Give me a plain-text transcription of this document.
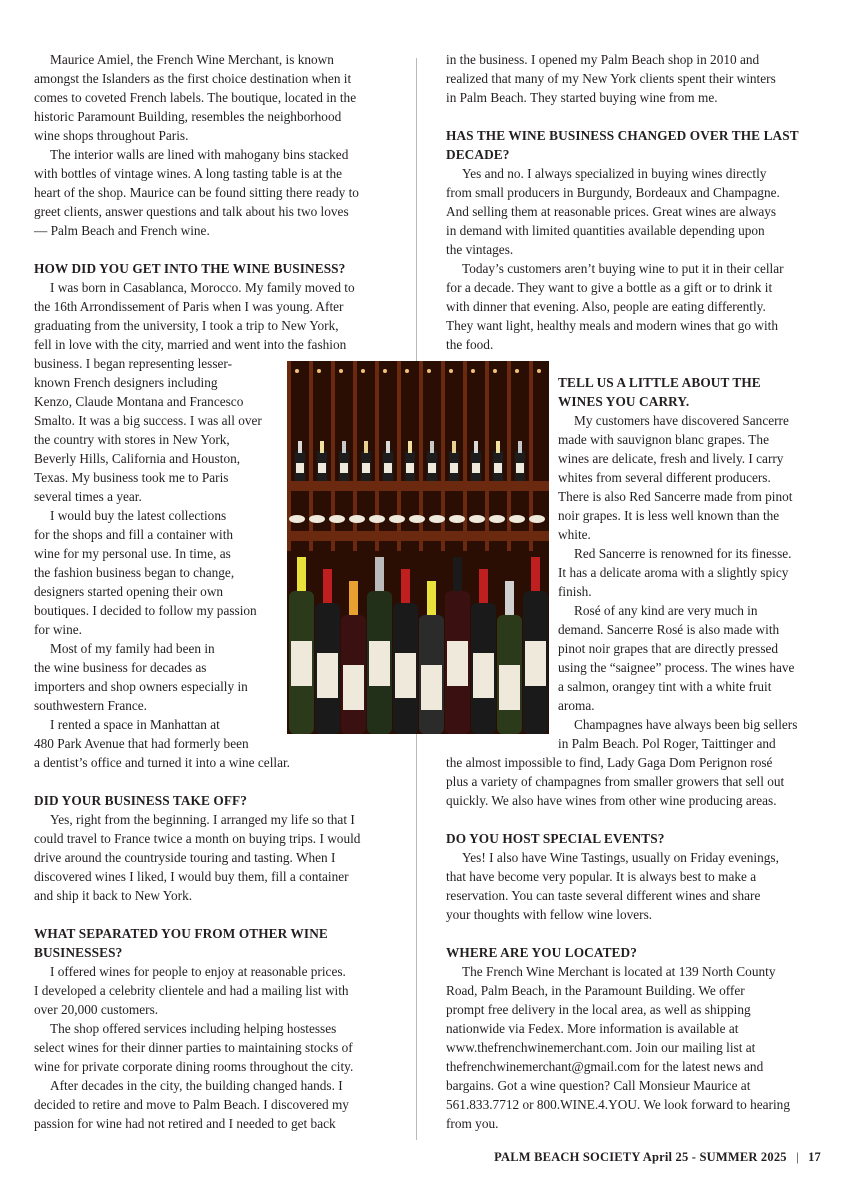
Maurice Amiel, the French Wine Merchant, is known
amongst the Islanders as the first choice destination when it
comes to coveted French labels. The boutique, located in the
historic Paramount Building, resembles the neighborhood
wine shops throughout Paris.

The interior walls are lined with mahogany bins stacked
with bottles of vintage wines. A long tasting table is at the
heart of the shop. Maurice can be found sitting there ready to
greet clients, answer questions and talk about his two loves
— Palm Beach and French wine.

HOW DID YOU GET INTO THE WINE BUSINESS?

I was born in Casablanca, Morocco. My family moved to
the 16th Arrondissement of Paris when I was young. After
graduating from the university, I took a trip to New York,
fell in love with the city, married and went into the fashion
business. I began representing lesser-
known French designers including
Kenzo, Claude Montana and Francesco
Smalto. It was a big success. I was all over
the country with stores in New York,
Beverly Hills, California and Houston,
Texas. My business took me to Paris
several times a year.

I would buy the latest collections
for the shops and fill a container with
wine for my personal use. In time, as
the fashion business began to change,
designers started opening their own
boutiques. I decided to follow my passion
for wine.

Most of my family had been in
the wine business for decades as
importers and shop owners especially in
southwestern France.

I rented a space in Manhattan at
480 Park Avenue that had formerly been
a dentist’s office and turned it into a wine cellar.

DID YOUR BUSINESS TAKE OFF?

Yes, right from the beginning. I arranged my life so that I
could travel to France twice a month on buying trips. I would
drive around the countryside touring and tasting. When I
discovered wines I liked, I would buy them, fill a container
and ship it back to New York.

WHAT SEPARATED YOU FROM OTHER WINE
BUSINESSES?

I offered wines for people to enjoy at reasonable prices.
I developed a celebrity clientele and had a mailing list with
over 20,000 customers.

The shop offered services including helping hostesses
select wines for their dinner parties to maintaining stocks of
wine for private corporate dining rooms throughout the city.

After decades in the city, the building changed hands. I
decided to retire and move to Palm Beach. I discovered my
passion for wine had not retired and I needed to get back

in the business. I opened my Palm Beach shop in 2010 and
realized that many of my New York clients spent their winters
in Palm Beach. They started buying wine from me.

HAS THE WINE BUSINESS CHANGED OVER THE LAST
DECADE?

Yes and no. I always specialized in buying wines directly
from small producers in Burgundy, Bordeaux and Champagne.
And selling them at reasonable prices. Great wines are always
in demand with limited quantities available depending upon
the vintages.

Today’s customers aren’t buying wine to put it in their cellar
for a decade. They want to give a bottle as a gift or to drink it
with dinner that evening. Also, people are eating differently.
They want light, healthy meals and modern wines that go with
the food.

TELL US A LITTLE ABOUT THE
WINES YOU CARRY.

My customers have discovered Sancerre
made with sauvignon blanc grapes. The
wines are delicate, fresh and lively. I carry
whites from several different producers.
There is also Red Sancerre made from pinot
noir grapes. It is less well known than the
white.

Red Sancerre is renowned for its finesse.
It has a delicate aroma with a slightly spicy
finish.

Rosé of any kind are very much in
demand. Sancerre Rosé is also made with
pinot noir grapes that are directly pressed
using the “saignee” process. The wines have
a salmon, orangey tint with a white fruit
aroma.

Champagnes have always been big sellers
in Palm Beach. Pol Roger, Taittinger and

the almost impossible to find, Lady Gaga Dom Perignon rosé
plus a variety of champagnes from smaller growers that sell out
quickly. We also have wines from other wine producing areas.

DO YOU HOST SPECIAL EVENTS?

Yes! I also have Wine Tastings, usually on Friday evenings,
that have become very popular. It is always best to make a
reservation. You can taste several different wines and share
your thoughts with fellow wine lovers.

WHERE ARE YOU LOCATED?

The French Wine Merchant is located at 139 North County
Road, Palm Beach, in the Paramount Building. We offer
prompt free delivery in the local area, as well as shipping
nationwide via Fedex. More information is available at
www.thefrenchwinemerchant.com. Join our mailing list at
thefrenchwinemerchant@gmail.com for the latest news and
bargains. Got a wine question? Call Monsieur Maurice at
561.833.7712 or 800.WINE.4.YOU. We look forward to hearing
from you.

PALM BEACH SOCIETY April 25 - SUMMER 2025 | 17
